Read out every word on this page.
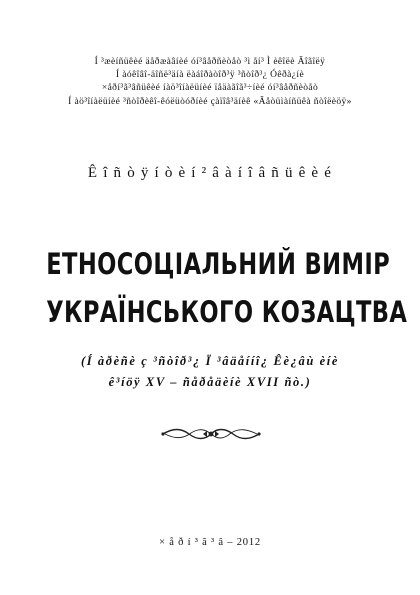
Í ³æèíñüêèé äåðæàâíèé óí³âåðñèòåò ³ì åí³ Ì èêîëè Ãîãîëÿ
Í àóêîâî-äîñë³äíà ëàáîðàòîð³ÿ ³ñòîð³¿ Óêðà¿íè
×åðí³ã³âñüêèé íàö³îíàëüíèé ïåäàãîã³÷íèé óí³âåðñèòåò
Í àö³îíàëüíèé ³ñòîðèêî-êóëüòóðíèé çàïîâ³äíèê «Ãåòüìàíñüêà ñòîëèöÿ»
Ê î ñ ò ÿ í ò è í ² â à í î â ñ ü ê è é
ЕТНОСОЦІАЛЬНИЙ ВИМІР
УКРАЇНСЬКОГО КОЗАЦТВА
(Í àðèñè ç ³ñòîð³¿ Ï ³âäåííî¿ Êè¿âù èíè
ê³íöÿ XV – ñåðåäèíè XVII ñò.)
× å ð í ³ ã ³ â – 2012
